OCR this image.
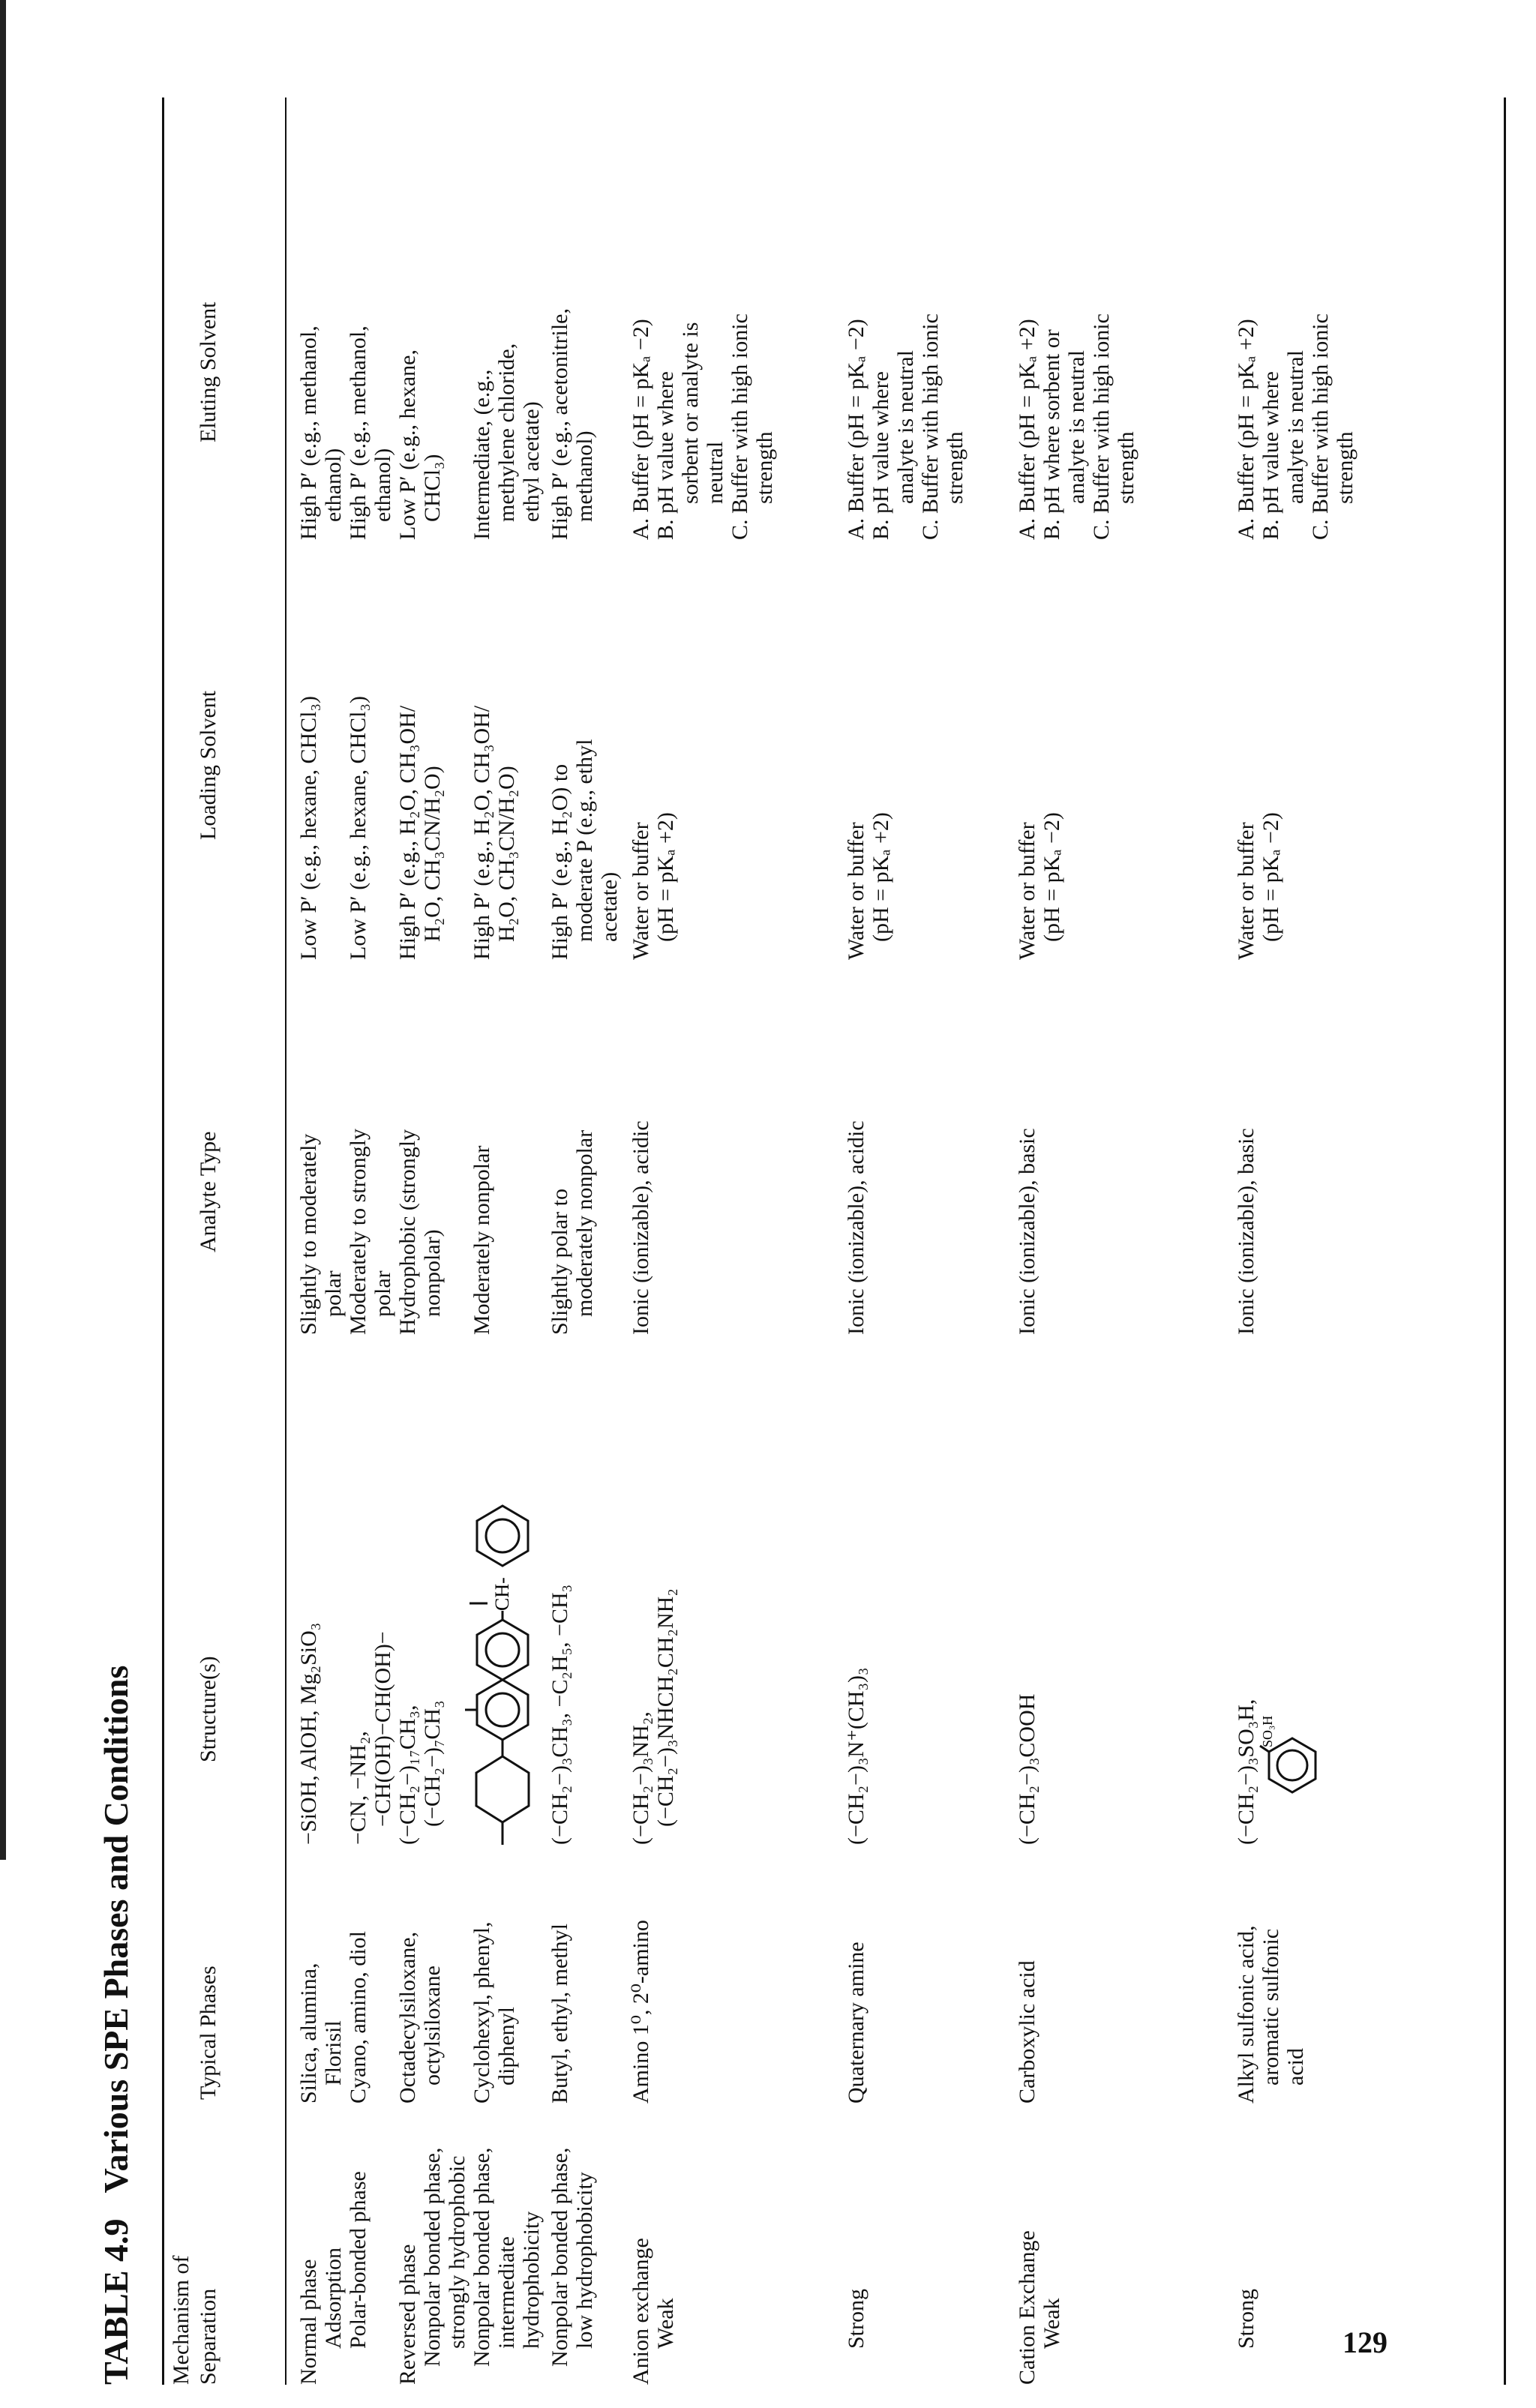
TABLE 4.9Various SPE Phases and Conditions
Mechanism of Separation
Typical Phases
Structure(s)
Analyte Type
Loading Solvent
Eluting Solvent
Normal phase Adsorption
Silica, alumina, Florisil
−SiOH, AlOH, Mg₂SiO₃
Slightly to moderately polar
Low P′ (e.g., hexane, CHCl₃)
High P′ (e.g., methanol, ethanol)
Polar-bonded phase
Cyano, amino, diol
−CN, −NH₂, −CH(OH)−CH(OH)−
Moderately to strongly polar
Low P′ (e.g., hexane, CHCl₃)
High P′ (e.g., methanol, ethanol)
Reversed phase Nonpolar bonded phase, strongly hydrophobic
Octadecylsiloxane, octylsiloxane
(−CH₂−)₁₇CH₃, (−CH₂−)₇CH₃
Hydrophobic (strongly nonpolar)
High P′ (e.g., H₂O, CH₃OH/ H₂O, CH₃CN/H₂O)
Low P′ (e.g., hexane, CHCl₃)
Nonpolar bonded phase, intermediate hydrophobicity
Cyclohexyl, phenyl, diphenyl
CH-
Moderately nonpolar
High P′ (e.g., H₂O, CH₃OH/ H₂O, CH₃CN/H₂O)
Intermediate, (e.g., methylene chloride, ethyl acetate)
Nonpolar bonded phase, low hydrophobicity
Butyl, ethyl, methyl
(−CH₂−)₃CH₃, −C₂H₅, −CH₃
Slightly polar to moderately nonpolar
High P′ (e.g., H₂O) to moderate P (e.g., ethyl acetate)
High P′ (e.g., acetonitrile, methanol)
Anion exchange Weak
Amino 1⁰, 2⁰-amino
(−CH₂−)₃NH₂, (−CH₂−)₃NHCH₂CH₂NH₂
Ionic (ionizable), acidic
Water or buffer (pH = pKₐ +2)
A. Buffer (pH = pKₐ −2) B. pH value where sorbent or analyte is neutral C. Buffer with high ionic strength
Strong
Quaternary amine
(−CH₂−)₃N⁺(CH₃)₃
Ionic (ionizable), acidic
Water or buffer (pH = pKₐ +2)
A. Buffer (pH = pKₐ −2) B. pH value where analyte is neutral C. Buffer with high ionic strength
Cation Exchange Weak
Carboxylic acid
(−CH₂−)₃COOH
Ionic (ionizable), basic
Water or buffer (pH = pKₐ −2)
A. Buffer (pH = pKₐ +2) B. pH where sorbent or analyte is neutral C. Buffer with high ionic strength
Strong
Alkyl sulfonic acid, aromatic sulfonic acid
(−CH₂−)₃SO₃H, SO₃H
Ionic (ionizable), basic
Water or buffer (pH = pKₐ −2)
A. Buffer (pH = pKₐ +2) B. pH value where analyte is neutral C. Buffer with high ionic strength
129
